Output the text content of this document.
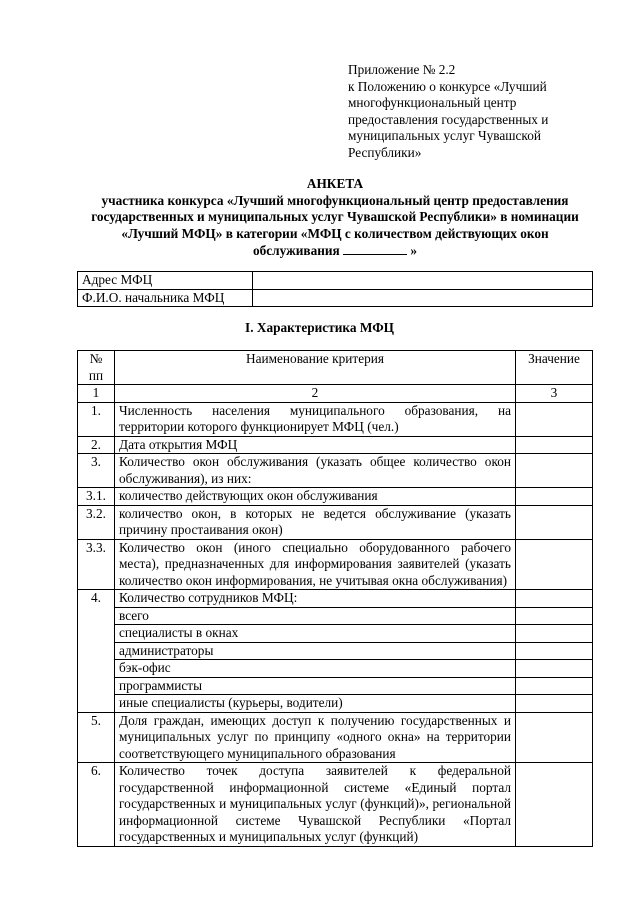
Приложение № 2.2
к Положению о конкурсе «Лучший
многофункциональный центр
предоставления государственных и
муниципальных услуг Чувашской
Республики»
АНКЕТА
участника конкурса «Лучший многофункциональный центр предоставления
государственных и муниципальных услуг Чувашской Республики» в номинации
«Лучший МФЦ» в категории «МФЦ с количеством действующих окон
обслуживания	»
Адрес МФЦ	
Ф.И.О. начальника МФЦ	
I. Характеристика МФЦ
№ пп	Наименование критерия	Значение
1	2	3
1.	Численность населения муниципального образования, на территории которого функционирует МФЦ (чел.)	
2.	Дата открытия МФЦ	
3.	Количество окон обслуживания (указать общее количество окон обслуживания), из них:	
3.1.	количество действующих окон обслуживания	
3.2.	количество окон, в которых не ведется обслуживание (указать причину простаивания окон)	
3.3.	Количество окон (иного специально оборудованного рабочего места), предназначенных для информирования заявителей (указать количество окон информирования, не учитывая окна обслуживания)	
4.	Количество сотрудников МФЦ:	
	всего	
	специалисты в окнах	
	администраторы	
	бэк-офис	
	программисты	
	иные специалисты (курьеры, водители)	
5.	Доля граждан, имеющих доступ к получению государственных и муниципальных услуг по принципу «одного окна» на территории соответствующего муниципального образования	
6.	Количество точек доступа заявителей к федеральной государственной информационной системе «Единый портал государственных и муниципальных услуг (функций)», региональной информационной системе Чувашской Республики «Портал государственных и муниципальных услуг (функций)	
